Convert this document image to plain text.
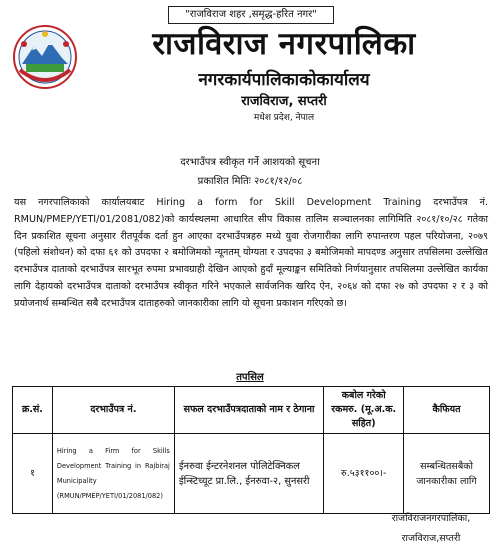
"राजविराज शहर ,समृद्ध-हरित नगर"
राजविराज नगरपालिका
नगरकार्यपालिकाकोकार्यालय
राजविराज, सप्तरी
मधेश प्रदेश, नेपाल
दरभाउँपत्र स्वीकृत गर्ने आशयको सूचना
प्रकाशित मितिः २०८१/१२/०८
यस नगरपालिकाको कार्यालयबाट Hiring a form for Skill Development Training दरभाउँपत्र नं. RMUN/PMEP/YETI/01/2081/082)को कार्यस्थलमा आधारित सीप विकास तालिम सञ्चालनका लागिमिति २०८१/१०/२८ गतेका दिन प्रकाशित सूचना अनुसार रीतपूर्वक दर्ता हुन आएका दरभाउँपत्रहरु मध्ये युवा रोजगारीका लागि रुपान्तरण पहल परियोजना, २०७९ (पहिलो संशोधन) को दफा ६१ को उपदफा २ बमोजिमको न्यूनतम् योग्यता र उपदफा ३ बमोजिमको मापदण्ड अनुसार तपसिलमा उल्लेखित दरभाउँपत्र दाताको दरभाउँपत्र सारभूत रुपमा प्रभावग्राही देखिन आएको हुदाँ मूल्याङ्कन समितिको निर्णयानुसार तपसिलमा उल्लेखित कार्यका लागि देहायको दरभाउँपत्र दाताको दरभाउँपत्र स्वीकृत गरिने भएकाले सार्वजनिक खरिद ऐन, २०६४ को दफा २७ को उपदफा २ र ३ को प्रयोजनार्थ सम्बन्धित सबै दरभाउँपत्र दाताहरुको जानकारीका लागि यो सूचना प्रकाशन गरिएको छ।
तपसिल
क्र.सं.	दरभाउँपत्र नं.	सफल दरभाउँपत्रदाताको नाम र ठेगाना	कबोल गरेको रकमरु. (मू.अ.क. सहित)	कैफियत
१	Hiring a Firm for Skills Development Training in Rajbiraj Municipality (RMUN/PMEP/YETI/01/2081/082)	ईनरुवा ईन्टरनेशनल पोलिटेक्निकल ईन्स्टिच्यूट प्रा.लि., ईनरुवा-२, सुनसरी	रु.५३११००।-	सम्बन्धितसबैको जानकारीका लागि
राजविराजनगरपालिका,
राजविराज,सप्तरी
